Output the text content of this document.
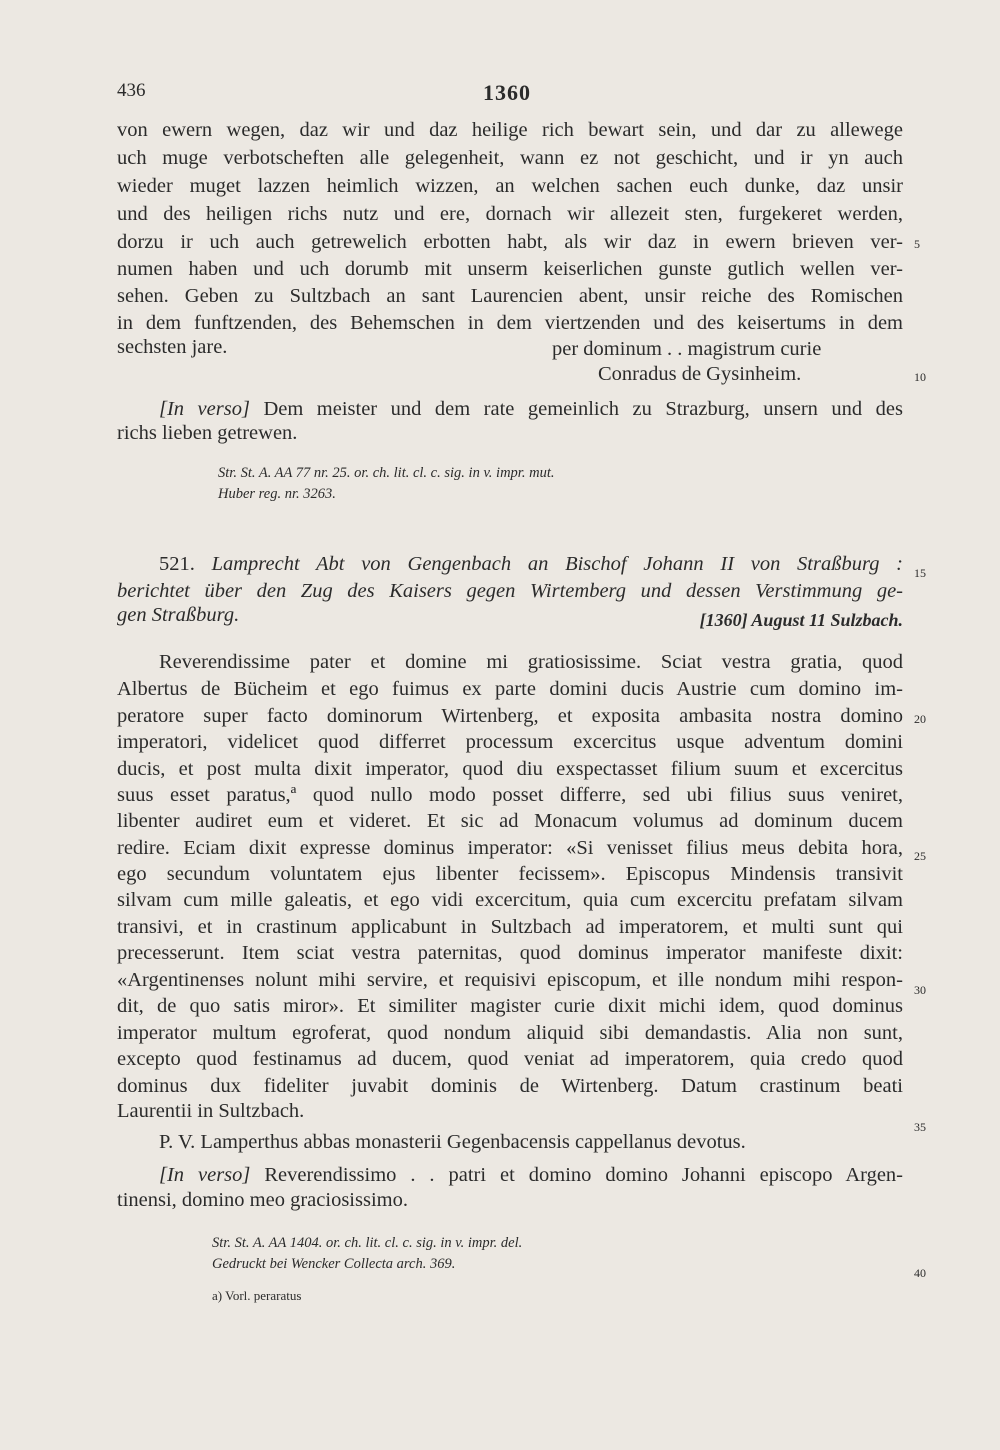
436	1360
von ewern wegen, daz wir und daz heilige rich bewart sein, und dar zu allewege
uch muge verbotscheften alle gelegenheit, wann ez not geschicht, und ir yn auch
wieder muget lazzen heimlich wizzen, an welchen sachen euch dunke, daz unsir
und des heiligen richs nutz und ere, dornach wir allezeit sten, furgekeret werden,
dorzu ir uch auch getrewelich erbotten habt, als wir daz in ewern brieven ver-
numen haben und uch dorumb mit unserm keiserlichen gunste gutlich wellen ver-
sehen. Geben zu Sultzbach an sant Laurencien abent, unsir reiche des Romischen
in dem funftzenden, des Behemschen in dem viertzenden und des keisertums in dem
sechsten jare.	per dominum . . magistrum curie
Conradus de Gysinheim.
[In verso] Dem meister und dem rate gemeinlich zu Strazburg, unsern und des
richs lieben getrewen.
Str. St. A. AA 77 nr. 25. or. ch. lit. cl. c. sig. in v. impr. mut.
Huber reg. nr. 3263.
521. Lamprecht Abt von Gengenbach an Bischof Johann II von Straßburg :
berichtet über den Zug des Kaisers gegen Wirtemberg und dessen Verstimmung ge-
gen Straßburg.	[1360] August 11 Sulzbach.
Reverendissime pater et domine mi gratiosissime. Sciat vestra gratia, quod
Albertus de Bücheim et ego fuimus ex parte domini ducis Austrie cum domino im-
peratore super facto dominorum Wirtenberg, et exposita ambasita nostra domino
imperatori, videlicet quod differret processum excercitus usque adventum domini
ducis, et post multa dixit imperator, quod diu exspectasset filium suum et excercitus
suus esset paratus,ª quod nullo modo posset differre, sed ubi filius suus veniret,
libenter audiret eum et videret. Et sic ad Monacum volumus ad dominum ducem
redire. Eciam dixit expresse dominus imperator: «Si venisset filius meus debita hora,
ego secundum voluntatem ejus libenter fecissem». Episcopus Mindensis transivit
silvam cum mille galeatis, et ego vidi excercitum, quia cum excercitu prefatam silvam
transivi, et in crastinum applicabunt in Sultzbach ad imperatorem, et multi sunt qui
precesserunt. Item sciat vestra paternitas, quod dominus imperator manifeste dixit:
«Argentinenses nolunt mihi servire, et requisivi episcopum, et ille nondum mihi respon-
dit, de quo satis miror». Et similiter magister curie dixit michi idem, quod dominus
imperator multum egroferat, quod nondum aliquid sibi demandastis. Alia non sunt,
excepto quod festinamus ad ducem, quod veniat ad imperatorem, quia credo quod
dominus dux fideliter juvabit dominis de Wirtenberg. Datum crastinum beati
Laurentii in Sultzbach.
P. V. Lamperthus abbas monasterii Gegenbacensis cappellanus devotus.
[In verso] Reverendissimo . . patri et domino domino Johanni episcopo Argen-
tinensi, domino meo graciosissimo.
Str. St. A. AA 1404. or. ch. lit. cl. c. sig. in v. impr. del.
Gedruckt bei Wencker Collecta arch. 369.
a) Vorl. peraratus
5
10
15
20
25
30
35
40
